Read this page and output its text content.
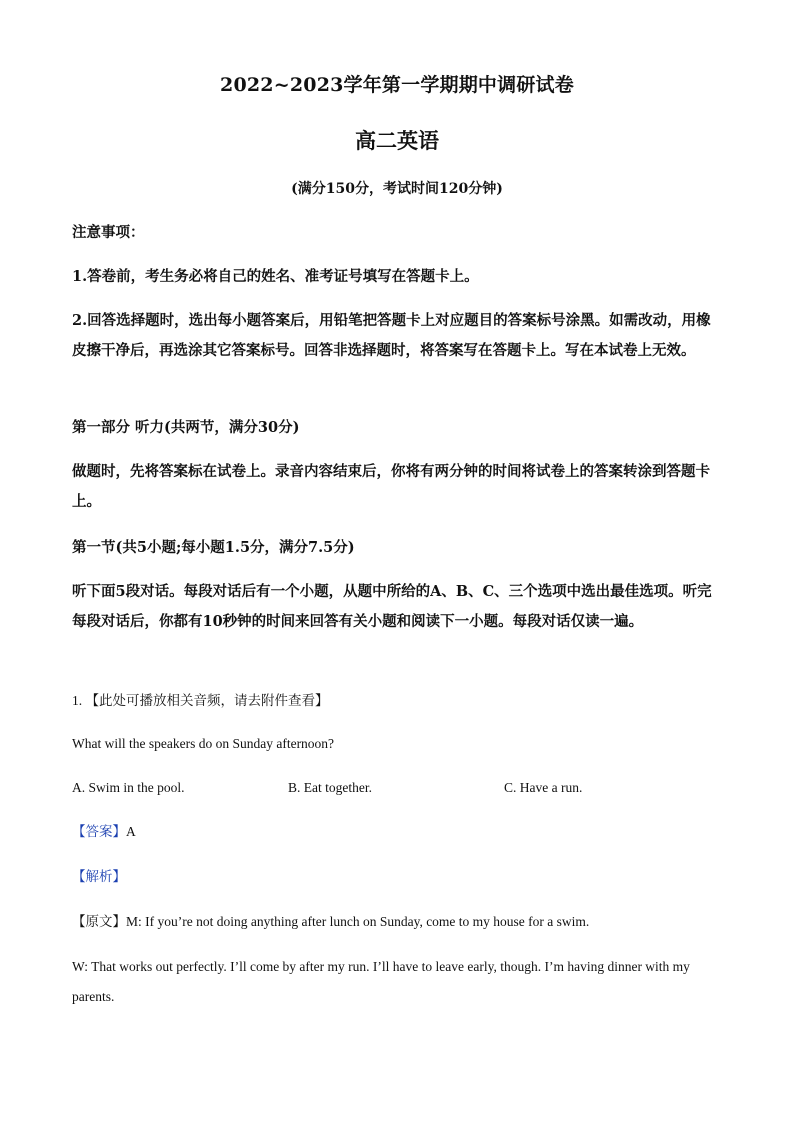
2022~2023学年第一学期期中调研试卷
高二英语
(满分150分，考试时间120分钟)
注意事项：
1.答卷前，考生务必将自己的姓名、准考证号填写在答题卡上。
2.回答选择题时，选出每小题答案后，用铅笔把答题卡上对应题目的答案标号涂黑。如需改动，用橡皮擦干净后，再选涂其它答案标号。回答非选择题时，将答案写在答题卡上。写在本试卷上无效。
第一部分 听力(共两节，满分30分)
做题时，先将答案标在试卷上。录音内容结束后，你将有两分钟的时间将试卷上的答案转涂到答题卡上。
第一节(共5小题;每小题1.5分，满分7.5分)
听下面5段对话。每段对话后有一个小题，从题中所给的A、B、C、三个选项中选出最佳选项。听完每段对话后，你都有10秒钟的时间来回答有关小题和阅读下一小题。每段对话仅读一遍。
1. 【此处可播放相关音频，请去附件查看】
What will the speakers do on Sunday afternoon?
A. Swim in the pool.	B. Eat together.	C. Have a run.
【答案】A
【解析】
【原文】M: If you’re not doing anything after lunch on Sunday, come to my house for a swim.
W: That works out perfectly. I’ll come by after my run. I’ll have to leave early, though. I’m having dinner with my parents.
